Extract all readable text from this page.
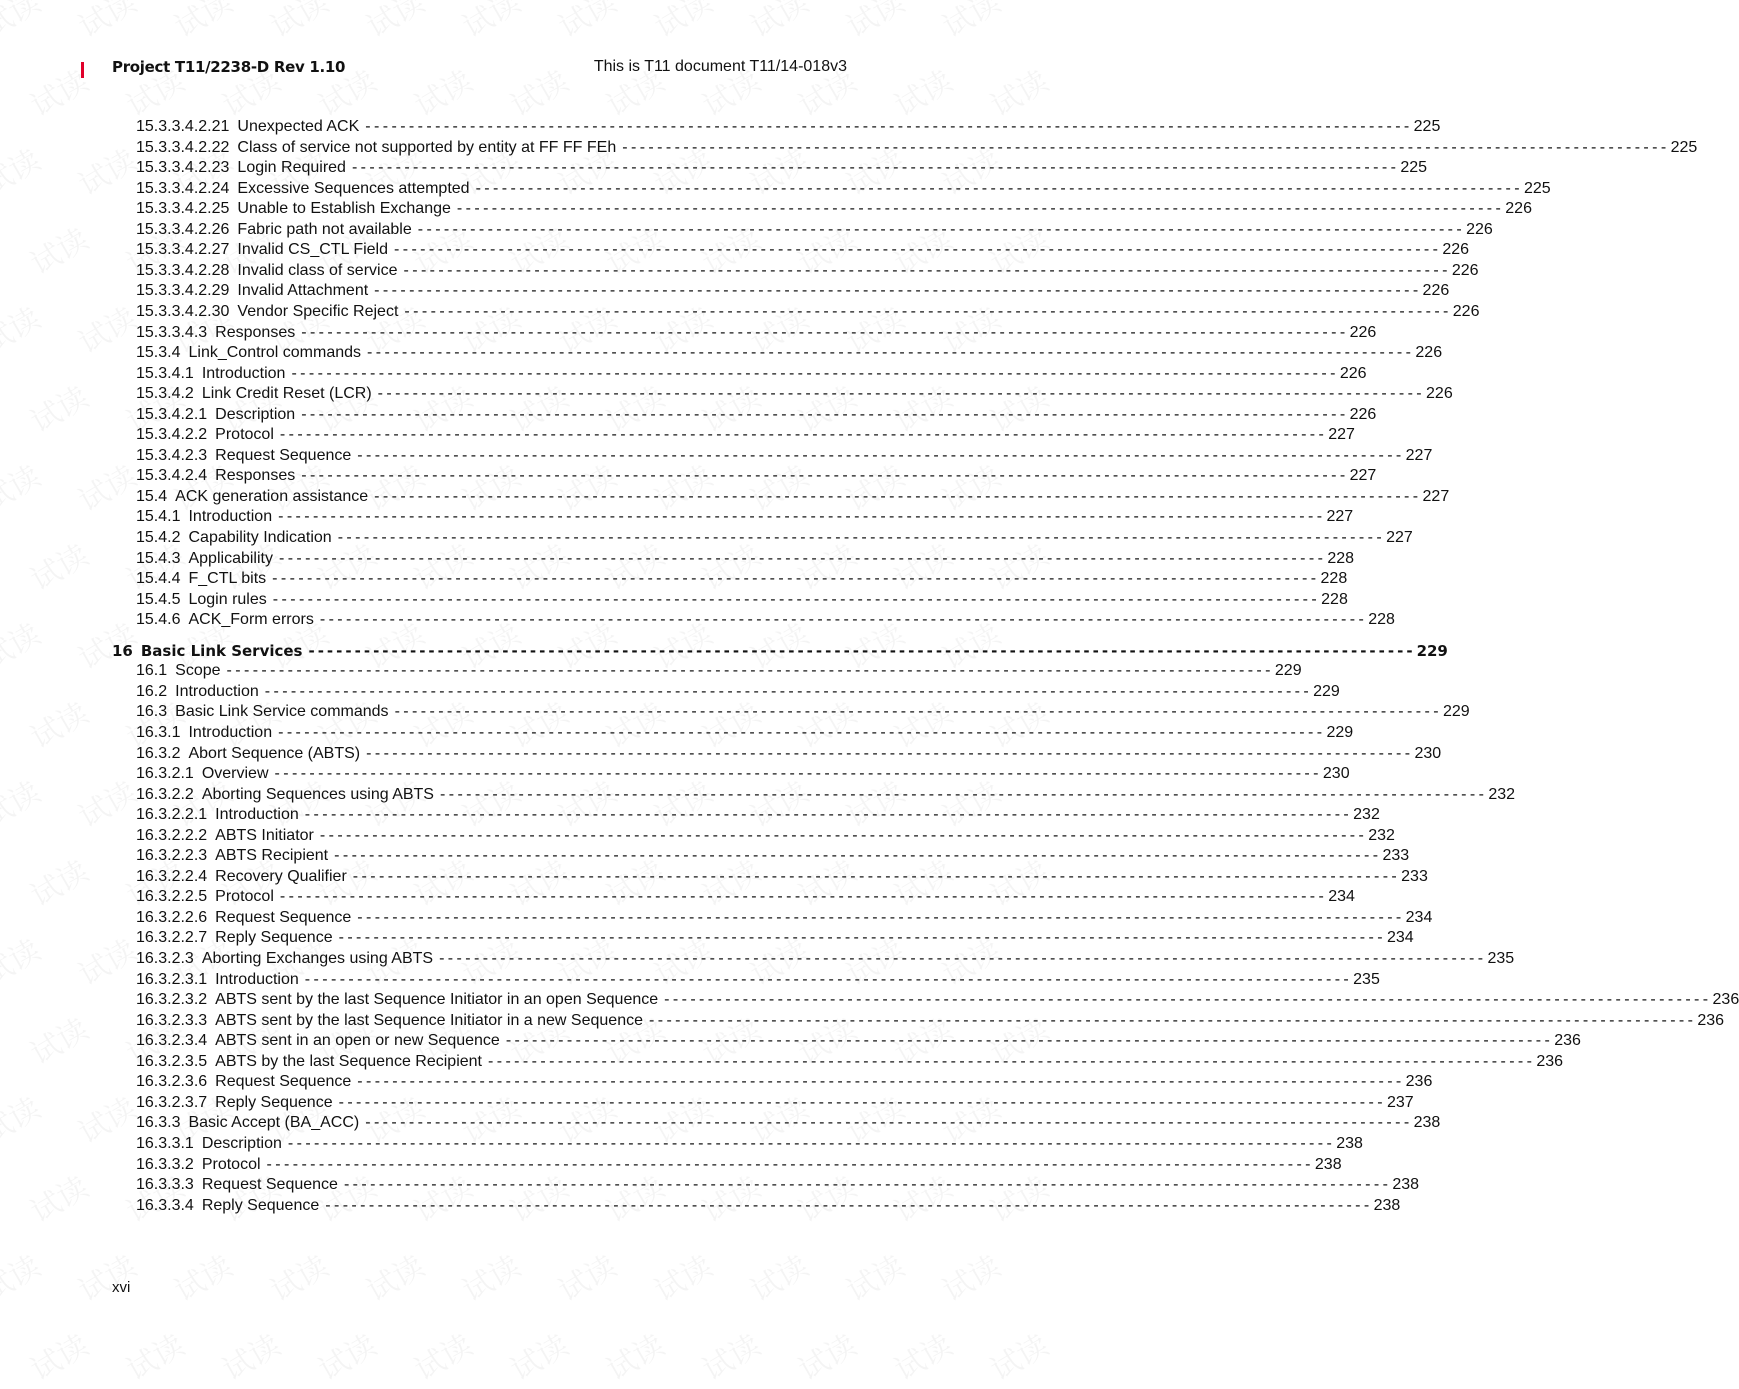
Project T11/2238-D Rev 1.10	This is T11 document T11/14-018v3
15.3.3.4.2.21 Unexpected ACK ------------------------------------------------------------------------------------------------------------------------ 225
15.3.3.4.2.22 Class of service not supported by entity at FF FF FEh ------------------------------------------------------------------------------------------------------------------------ 225
15.3.3.4.2.23 Login Required ------------------------------------------------------------------------------------------------------------------------ 225
15.3.3.4.2.24 Excessive Sequences attempted ------------------------------------------------------------------------------------------------------------------------ 225
15.3.3.4.2.25 Unable to Establish Exchange ------------------------------------------------------------------------------------------------------------------------ 226
15.3.3.4.2.26 Fabric path not available ------------------------------------------------------------------------------------------------------------------------ 226
15.3.3.4.2.27 Invalid CS_CTL Field ------------------------------------------------------------------------------------------------------------------------ 226
15.3.3.4.2.28 Invalid class of service ------------------------------------------------------------------------------------------------------------------------ 226
15.3.3.4.2.29 Invalid Attachment ------------------------------------------------------------------------------------------------------------------------ 226
15.3.3.4.2.30 Vendor Specific Reject ------------------------------------------------------------------------------------------------------------------------ 226
15.3.3.4.3 Responses ------------------------------------------------------------------------------------------------------------------------ 226
15.3.4 Link_Control commands ------------------------------------------------------------------------------------------------------------------------ 226
15.3.4.1 Introduction ------------------------------------------------------------------------------------------------------------------------ 226
15.3.4.2 Link Credit Reset (LCR) ------------------------------------------------------------------------------------------------------------------------ 226
15.3.4.2.1 Description ------------------------------------------------------------------------------------------------------------------------ 226
15.3.4.2.2 Protocol ------------------------------------------------------------------------------------------------------------------------ 227
15.3.4.2.3 Request Sequence ------------------------------------------------------------------------------------------------------------------------ 227
15.3.4.2.4 Responses ------------------------------------------------------------------------------------------------------------------------ 227
15.4 ACK generation assistance ------------------------------------------------------------------------------------------------------------------------ 227
15.4.1 Introduction ------------------------------------------------------------------------------------------------------------------------ 227
15.4.2 Capability Indication ------------------------------------------------------------------------------------------------------------------------ 227
15.4.3 Applicability ------------------------------------------------------------------------------------------------------------------------ 228
15.4.4 F_CTL bits ------------------------------------------------------------------------------------------------------------------------ 228
15.4.5 Login rules ------------------------------------------------------------------------------------------------------------------------ 228
15.4.6 ACK_Form errors ------------------------------------------------------------------------------------------------------------------------ 228
16 Basic Link Services ------------------------------------------------------------------------------------------------------------------------ 229
16.1 Scope ------------------------------------------------------------------------------------------------------------------------ 229
16.2 Introduction ------------------------------------------------------------------------------------------------------------------------ 229
16.3 Basic Link Service commands ------------------------------------------------------------------------------------------------------------------------ 229
16.3.1 Introduction ------------------------------------------------------------------------------------------------------------------------ 229
16.3.2 Abort Sequence (ABTS) ------------------------------------------------------------------------------------------------------------------------ 230
16.3.2.1 Overview ------------------------------------------------------------------------------------------------------------------------ 230
16.3.2.2 Aborting Sequences using ABTS ------------------------------------------------------------------------------------------------------------------------ 232
16.3.2.2.1 Introduction ------------------------------------------------------------------------------------------------------------------------ 232
16.3.2.2.2 ABTS Initiator ------------------------------------------------------------------------------------------------------------------------ 232
16.3.2.2.3 ABTS Recipient ------------------------------------------------------------------------------------------------------------------------ 233
16.3.2.2.4 Recovery Qualifier ------------------------------------------------------------------------------------------------------------------------ 233
16.3.2.2.5 Protocol ------------------------------------------------------------------------------------------------------------------------ 234
16.3.2.2.6 Request Sequence ------------------------------------------------------------------------------------------------------------------------ 234
16.3.2.2.7 Reply Sequence ------------------------------------------------------------------------------------------------------------------------ 234
16.3.2.3 Aborting Exchanges using ABTS ------------------------------------------------------------------------------------------------------------------------ 235
16.3.2.3.1 Introduction ------------------------------------------------------------------------------------------------------------------------ 235
16.3.2.3.2 ABTS sent by the last Sequence Initiator in an open Sequence ------------------------------------------------------------------------------------------------------------------------ 236
16.3.2.3.3 ABTS sent by the last Sequence Initiator in a new Sequence ------------------------------------------------------------------------------------------------------------------------ 236
16.3.2.3.4 ABTS sent in an open or new Sequence ------------------------------------------------------------------------------------------------------------------------ 236
16.3.2.3.5 ABTS by the last Sequence Recipient ------------------------------------------------------------------------------------------------------------------------ 236
16.3.2.3.6 Request Sequence ------------------------------------------------------------------------------------------------------------------------ 236
16.3.2.3.7 Reply Sequence ------------------------------------------------------------------------------------------------------------------------ 237
16.3.3 Basic Accept (BA_ACC) ------------------------------------------------------------------------------------------------------------------------ 238
16.3.3.1 Description ------------------------------------------------------------------------------------------------------------------------ 238
16.3.3.2 Protocol ------------------------------------------------------------------------------------------------------------------------ 238
16.3.3.3 Request Sequence ------------------------------------------------------------------------------------------------------------------------ 238
16.3.3.4 Reply Sequence ------------------------------------------------------------------------------------------------------------------------ 238
xvi
